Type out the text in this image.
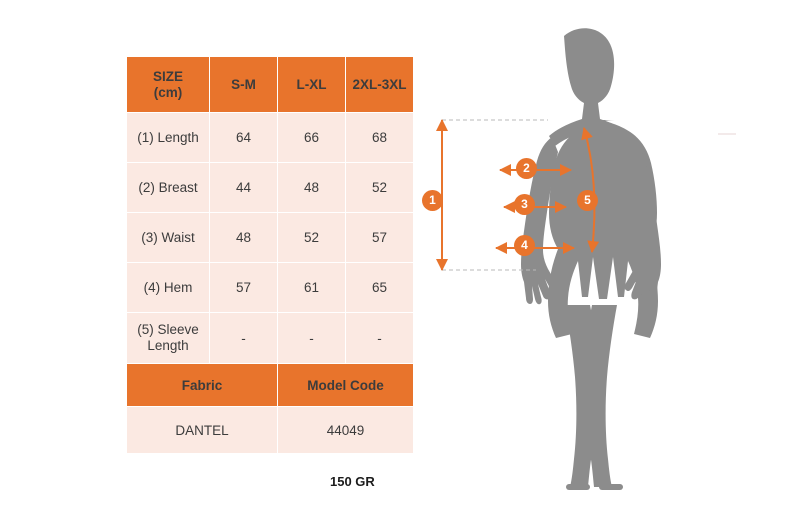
SIZE
(cm)	S-M	L-XL	2XL-3XL
(1) Length	64	66	68
(2) Breast	44	48	52
(3) Waist	48	52	57
(4) Hem	57	61	65

(5) Sleeve
Length	-	-	-
Fabric		Model Code	
DANTEL		44049	
150 GR
1
2
3
4
5
